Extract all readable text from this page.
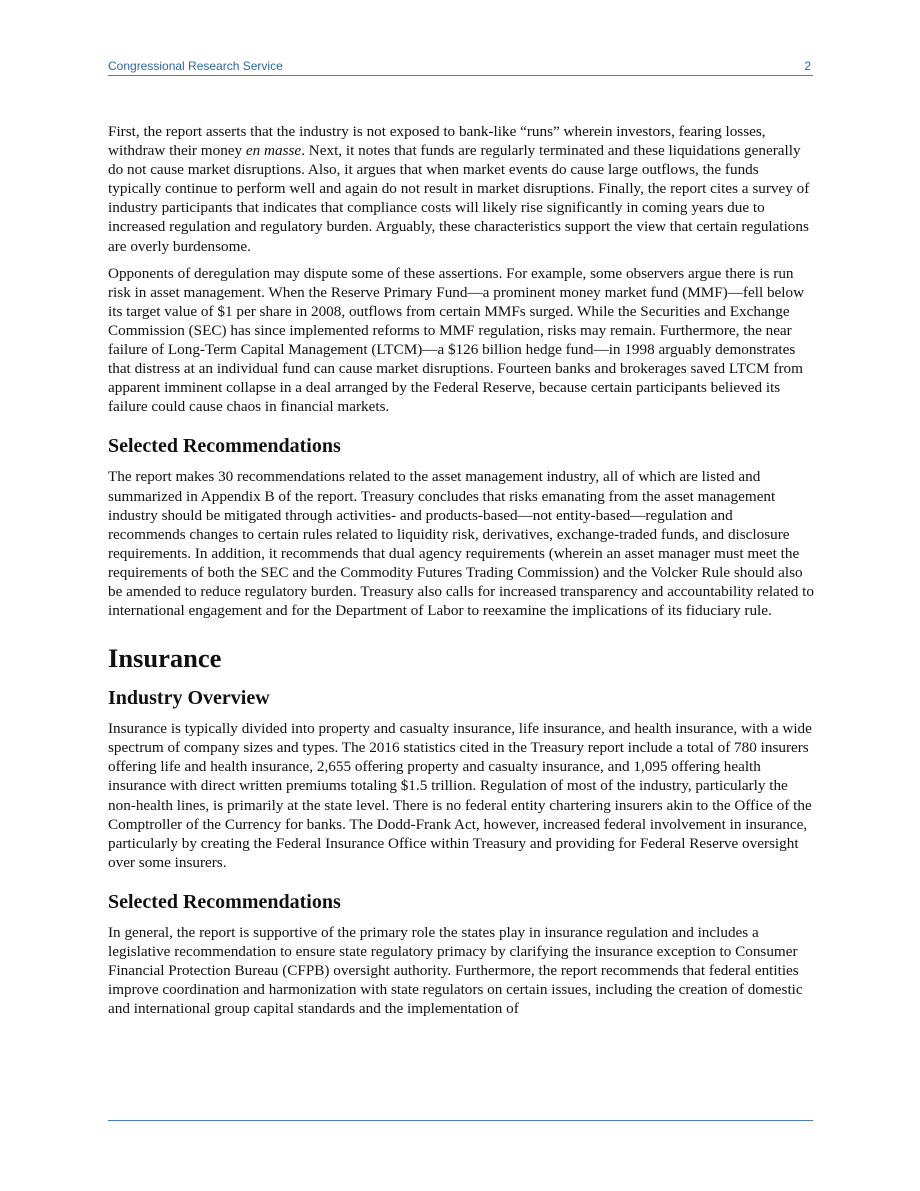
Congressional Research Service	2

First, the report asserts that the industry is not exposed to bank-like “runs” wherein investors, fearing losses, withdraw their money en masse. Next, it notes that funds are regularly terminated and these liquidations generally do not cause market disruptions. Also, it argues that when market events do cause large outflows, the funds typically continue to perform well and again do not result in market disruptions. Finally, the report cites a survey of industry participants that indicates that compliance costs will likely rise significantly in coming years due to increased regulation and regulatory burden. Arguably, these characteristics support the view that certain regulations are overly burdensome.

Opponents of deregulation may dispute some of these assertions. For example, some observers argue there is run risk in asset management. When the Reserve Primary Fund—a prominent money market fund (MMF)—fell below its target value of $1 per share in 2008, outflows from certain MMFs surged. While the Securities and Exchange Commission (SEC) has since implemented reforms to MMF regulation, risks may remain. Furthermore, the near failure of Long-Term Capital Management (LTCM)—a $126 billion hedge fund—in 1998 arguably demonstrates that distress at an individual fund can cause market disruptions. Fourteen banks and brokerages saved LTCM from apparent imminent collapse in a deal arranged by the Federal Reserve, because certain participants believed its failure could cause chaos in financial markets.

Selected Recommendations

The report makes 30 recommendations related to the asset management industry, all of which are listed and summarized in Appendix B of the report. Treasury concludes that risks emanating from the asset management industry should be mitigated through activities- and products-based—not entity-based—regulation and recommends changes to certain rules related to liquidity risk, derivatives, exchange-traded funds, and disclosure requirements. In addition, it recommends that dual agency requirements (wherein an asset manager must meet the requirements of both the SEC and the Commodity Futures Trading Commission) and the Volcker Rule should also be amended to reduce regulatory burden. Treasury also calls for increased transparency and accountability related to international engagement and for the Department of Labor to reexamine the implications of its fiduciary rule.

Insurance
Industry Overview

Insurance is typically divided into property and casualty insurance, life insurance, and health insurance, with a wide spectrum of company sizes and types. The 2016 statistics cited in the Treasury report include a total of 780 insurers offering life and health insurance, 2,655 offering property and casualty insurance, and 1,095 offering health insurance with direct written premiums totaling $1.5 trillion. Regulation of most of the industry, particularly the non-health lines, is primarily at the state level. There is no federal entity chartering insurers akin to the Office of the Comptroller of the Currency for banks. The Dodd-Frank Act, however, increased federal involvement in insurance, particularly by creating the Federal Insurance Office within Treasury and providing for Federal Reserve oversight over some insurers.

Selected Recommendations

In general, the report is supportive of the primary role the states play in insurance regulation and includes a legislative recommendation to ensure state regulatory primacy by clarifying the insurance exception to Consumer Financial Protection Bureau (CFPB) oversight authority. Furthermore, the report recommends that federal entities improve coordination and harmonization with state regulators on certain issues, including the creation of domestic and international group capital standards and the implementation of
